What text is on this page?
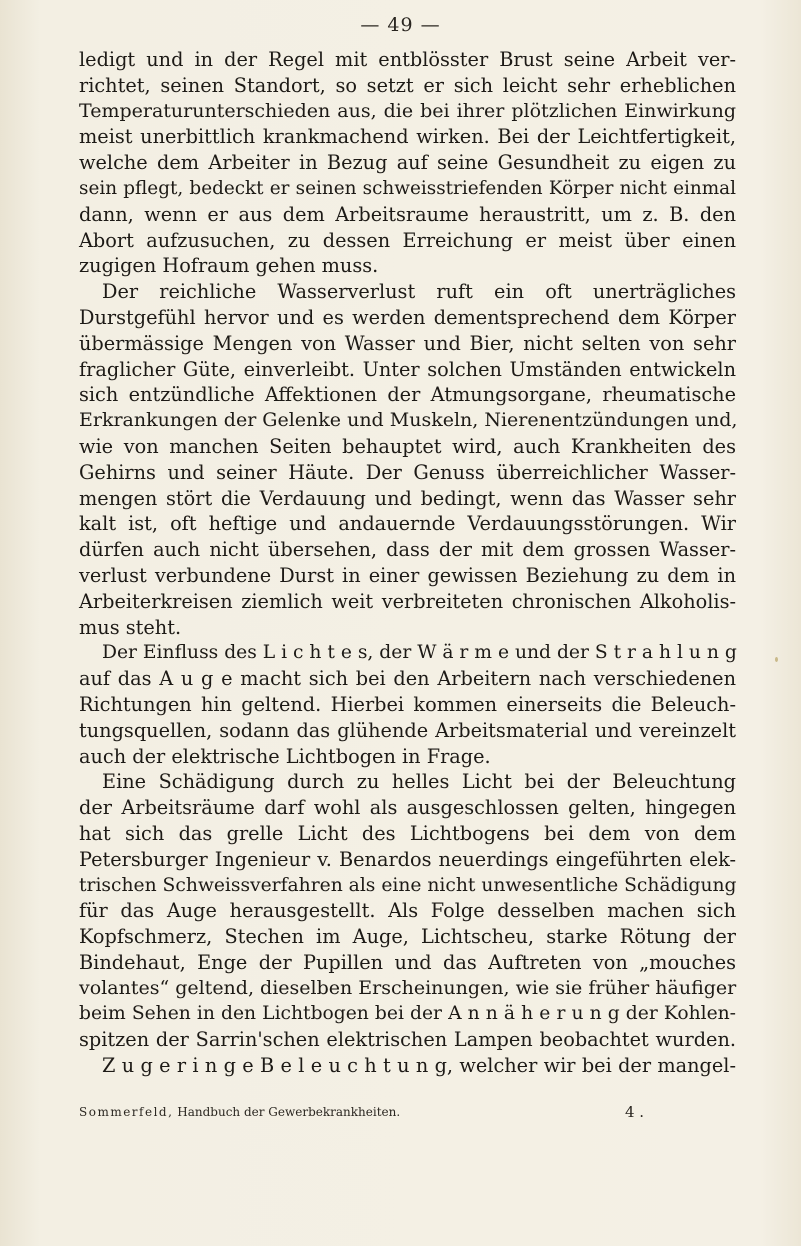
— 49 —
ledigt und in der Regel mit entblösster Brust seine Arbeit ver-
richtet, seinen Standort, so setzt er sich leicht sehr erheblichen
Temperaturunterschieden aus, die bei ihrer plötzlichen Einwirkung
meist unerbittlich krankmachend wirken. Bei der Leichtfertigkeit,
welche dem Arbeiter in Bezug auf seine Gesundheit zu eigen zu
sein pflegt, bedeckt er seinen schweisstriefenden Körper nicht einmal
dann, wenn er aus dem Arbeitsraume heraustritt, um z. B. den
Abort aufzusuchen, zu dessen Erreichung er meist über einen
zugigen Hofraum gehen muss.
Der reichliche Wasserverlust ruft ein oft unerträgliches
Durstgefühl hervor und es werden dementsprechend dem Körper
übermässige Mengen von Wasser und Bier, nicht selten von sehr
fraglicher Güte, einverleibt. Unter solchen Umständen entwickeln
sich entzündliche Affektionen der Atmungsorgane, rheumatische
Erkrankungen der Gelenke und Muskeln, Nierenentzündungen und,
wie von manchen Seiten behauptet wird, auch Krankheiten des
Gehirns und seiner Häute. Der Genuss überreichlicher Wasser-
mengen stört die Verdauung und bedingt, wenn das Wasser sehr
kalt ist, oft heftige und andauernde Verdauungsstörungen. Wir
dürfen auch nicht übersehen, dass der mit dem grossen Wasser-
verlust verbundene Durst in einer gewissen Beziehung zu dem in
Arbeiterkreisen ziemlich weit verbreiteten chronischen Alkoholis-
mus steht.
Der Einfluss des L i c h t e s, der W ä r m e und der S t r a h l u n g
auf das A u g e macht sich bei den Arbeitern nach verschiedenen
Richtungen hin geltend. Hierbei kommen einerseits die Beleuch-
tungsquellen, sodann das glühende Arbeitsmaterial und vereinzelt
auch der elektrische Lichtbogen in Frage.
Eine Schädigung durch zu helles Licht bei der Beleuchtung
der Arbeitsräume darf wohl als ausgeschlossen gelten, hingegen
hat sich das grelle Licht des Lichtbogens bei dem von dem
Petersburger Ingenieur v. Benardos neuerdings eingeführten elek-
trischen Schweissverfahren als eine nicht unwesentliche Schädigung
für das Auge herausgestellt. Als Folge desselben machen sich
Kopfschmerz, Stechen im Auge, Lichtscheu, starke Rötung der
Bindehaut, Enge der Pupillen und das Auftreten von „mouches
volantes“ geltend, dieselben Erscheinungen, wie sie früher häufiger
beim Sehen in den Lichtbogen bei der A n n ä h e r u n g der Kohlen-
spitzen der Sarrin'schen elektrischen Lampen beobachtet wurden.
Z u g e r i n g e B e l e u c h t u n g, welcher wir bei der mangel-
Sommerfeld, Handbuch der Gewerbekrankheiten.	4 .
